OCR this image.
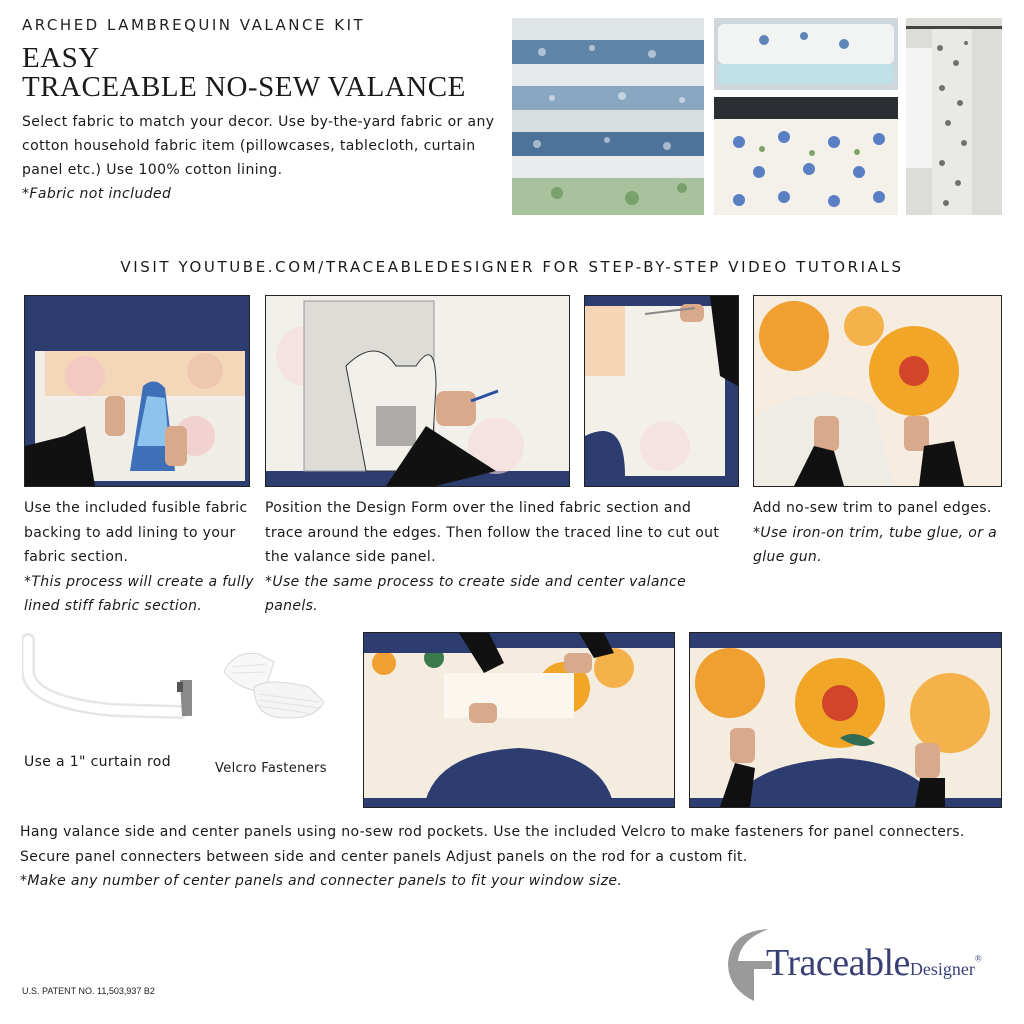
ARCHED LAMBREQUIN VALANCE KIT
EASY
TRACEABLE NO-SEW VALANCE
Select fabric to match your decor. Use by-the-yard fabric or any cotton household fabric item (pillowcases, tablecloth, curtain panel etc.) Use 100% cotton lining.
*Fabric not included
VISIT YOUTUBE.COM/TRACEABLEDESIGNER FOR STEP-BY-STEP VIDEO TUTORIALS
Use the included fusible fabric backing to add lining to your fabric section.
*This process will create a fully lined stiff fabric section.
Position the Design Form over the lined fabric section and trace around the edges. Then follow the traced line to cut out the valance side panel.
*Use the same process to create side and center valance panels.
Add no-sew trim to panel edges.
*Use iron-on trim, tube glue, or a glue gun.
Use a 1" curtain rod	Velcro Fasteners
Hang valance side and center panels using no-sew rod pockets. Use the included Velcro to make fasteners for panel connecters.
Secure panel connecters between side and center panels Adjust panels on the rod for a custom fit.
*Make any number of center panels and connecter panels to fit your window size.
U.S. PATENT NO. 11,503,937 B2
TraceableDesigner®
